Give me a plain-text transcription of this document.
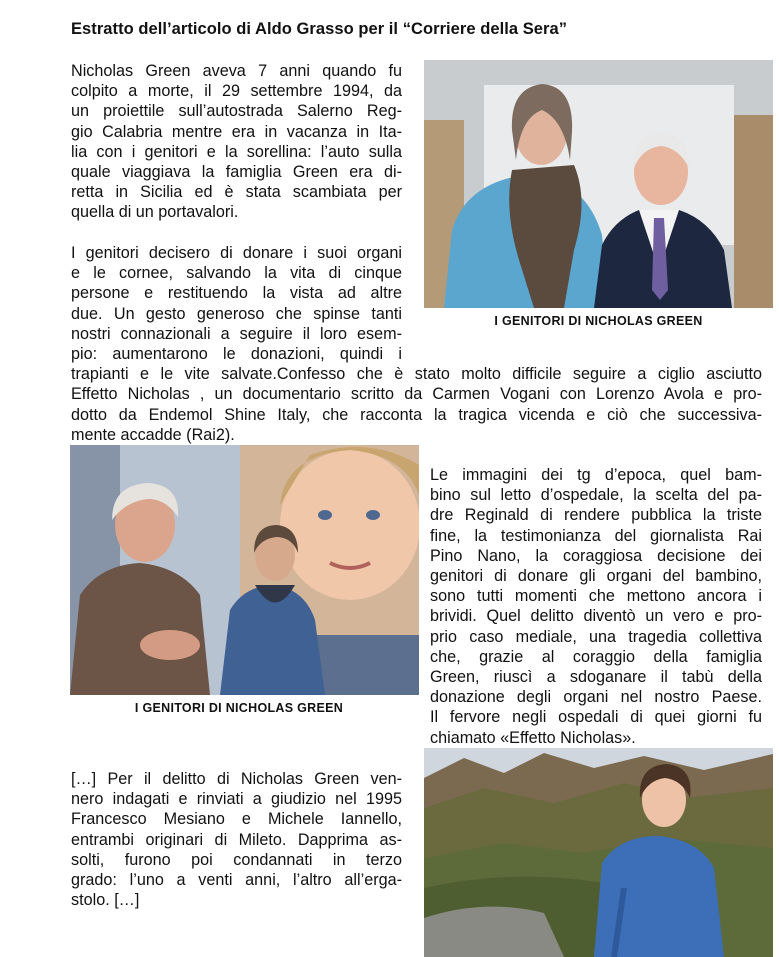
Estratto dell’articolo di Aldo Grasso per il “Corriere della Sera”
Nicholas Green aveva 7 anni quando fu
colpito a morte, il 29 settembre 1994, da
un proiettile sull’autostrada Salerno Reg-
gio Calabria mentre era in vacanza in Ita-
lia con i genitori e la sorellina: l’auto sulla
quale viaggiava la famiglia Green era di-
retta in Sicilia ed è stata scambiata per
quella di un portavalori.
I GENITORI DI NICHOLAS GREEN
I genitori decisero di donare i suoi organi
e le cornee, salvando la vita di cinque
persone e restituendo la vista ad altre
due. Un gesto generoso che spinse tanti
nostri connazionali a seguire il loro esem-
pio: aumentarono le donazioni, quindi i
trapianti e le vite salvate.Confesso che è stato molto difficile seguire a ciglio asciutto
Effetto Nicholas , un documentario scritto da Carmen Vogani con Lorenzo Avola e pro-
dotto da Endemol Shine Italy, che racconta la tragica vicenda e ciò che successiva-
mente accadde (Rai2).
I GENITORI DI NICHOLAS GREEN
Le immagini dei tg d’epoca, quel bam-
bino sul letto d’ospedale, la scelta del pa-
dre Reginald di rendere pubblica la triste
fine, la testimonianza del giornalista Rai
Pino Nano, la coraggiosa decisione dei
genitori di donare gli organi del bambino,
sono tutti momenti che mettono ancora i
brividi. Quel delitto diventò un vero e pro-
prio caso mediale, una tragedia collettiva
che, grazie al coraggio della famiglia
Green, riuscì a sdoganare il tabù della
donazione degli organi nel nostro Paese.
Il fervore negli ospedali di quei giorni fu
chiamato «Effetto Nicholas».
[…] Per il delitto di Nicholas Green ven-
nero indagati e rinviati a giudizio nel 1995
Francesco Mesiano e Michele Iannello,
entrambi originari di Mileto. Dapprima as-
solti, furono poi condannati in terzo
grado: l’uno a venti anni, l’altro all’erga-
stolo. […]
